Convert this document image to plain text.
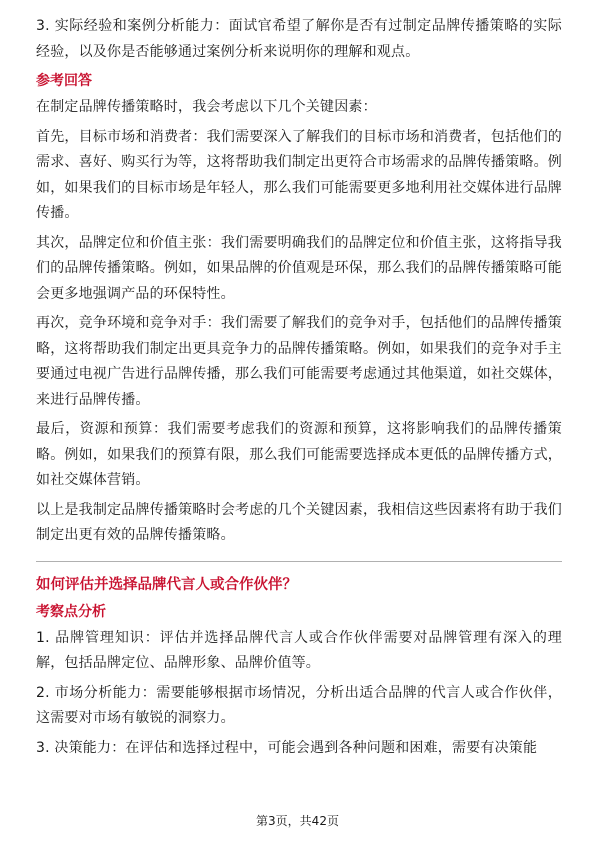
3. 实际经验和案例分析能力：面试官希望了解你是否有过制定品牌传播策略的实际经验，以及你是否能够通过案例分析来说明你的理解和观点。

参考回答

在制定品牌传播策略时，我会考虑以下几个关键因素：

首先，目标市场和消费者：我们需要深入了解我们的目标市场和消费者，包括他们的需求、喜好、购买行为等，这将帮助我们制定出更符合市场需求的品牌传播策略。例如，如果我们的目标市场是年轻人，那么我们可能需要更多地利用社交媒体进行品牌传播。

其次，品牌定位和价值主张：我们需要明确我们的品牌定位和价值主张，这将指导我们的品牌传播策略。例如，如果品牌的价值观是环保，那么我们的品牌传播策略可能会更多地强调产品的环保特性。

再次，竞争环境和竞争对手：我们需要了解我们的竞争对手，包括他们的品牌传播策略，这将帮助我们制定出更具竞争力的品牌传播策略。例如，如果我们的竞争对手主要通过电视广告进行品牌传播，那么我们可能需要考虑通过其他渠道，如社交媒体，来进行品牌传播。

最后，资源和预算：我们需要考虑我们的资源和预算，这将影响我们的品牌传播策略。例如，如果我们的预算有限，那么我们可能需要选择成本更低的品牌传播方式，如社交媒体营销。

以上是我制定品牌传播策略时会考虑的几个关键因素，我相信这些因素将有助于我们制定出更有效的品牌传播策略。

如何评估并选择品牌代言人或合作伙伴？
考察点分析

1. 品牌管理知识：评估并选择品牌代言人或合作伙伴需要对品牌管理有深入的理解，包括品牌定位、品牌形象、品牌价值等。

2. 市场分析能力：需要能够根据市场情况，分析出适合品牌的代言人或合作伙伴，这需要对市场有敏锐的洞察力。

3. 决策能力：在评估和选择过程中，可能会遇到各种问题和困难，需要有决策能

第3页，共42页
